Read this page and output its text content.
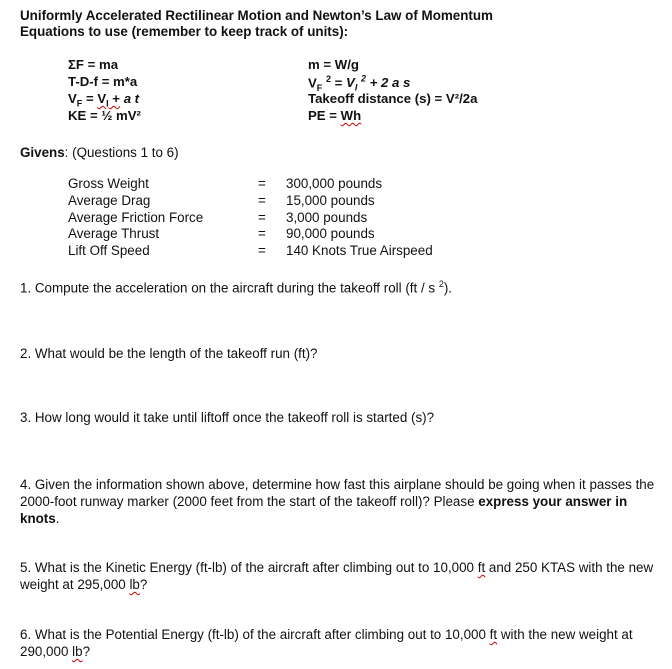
Uniformly Accelerated Rectilinear Motion and Newton’s Law of Momentum
Equations to use (remember to keep track of units):
ΣF = ma
T-D-f = m*a
$V_F = V_I + a$ t
KE = ½ mV²
m = W/g
$V_F$ $^2 = V_I$ $^2$ + 2 a s
Takeoff distance (s) = V²/2a
PE = Wh
Givens: (Questions 1 to 6)
Gross Weight	= 300,000 pounds
Average Drag	= 15,000 pounds
Average Friction Force	= 3,000 pounds
Average Thrust	= 90,000 pounds
Lift Off Speed	= 140 Knots True Airspeed
1. Compute the acceleration on the aircraft during the takeoff roll (ft / s $^2$).
2. What would be the length of the takeoff run (ft)?
3. How long would it take until liftoff once the takeoff roll is started (s)?
4. Given the information shown above, determine how fast this airplane should be going when it passes the 2000-foot runway marker (2000 feet from the start of the takeoff roll)? Please express your answer in knots.
5. What is the Kinetic Energy (ft-lb) of the aircraft after climbing out to 10,000 ft and 250 KTAS with the new weight at 295,000 lb?
6. What is the Potential Energy (ft-lb) of the aircraft after climbing out to 10,000 ft with the new weight at 290,000 lb?
